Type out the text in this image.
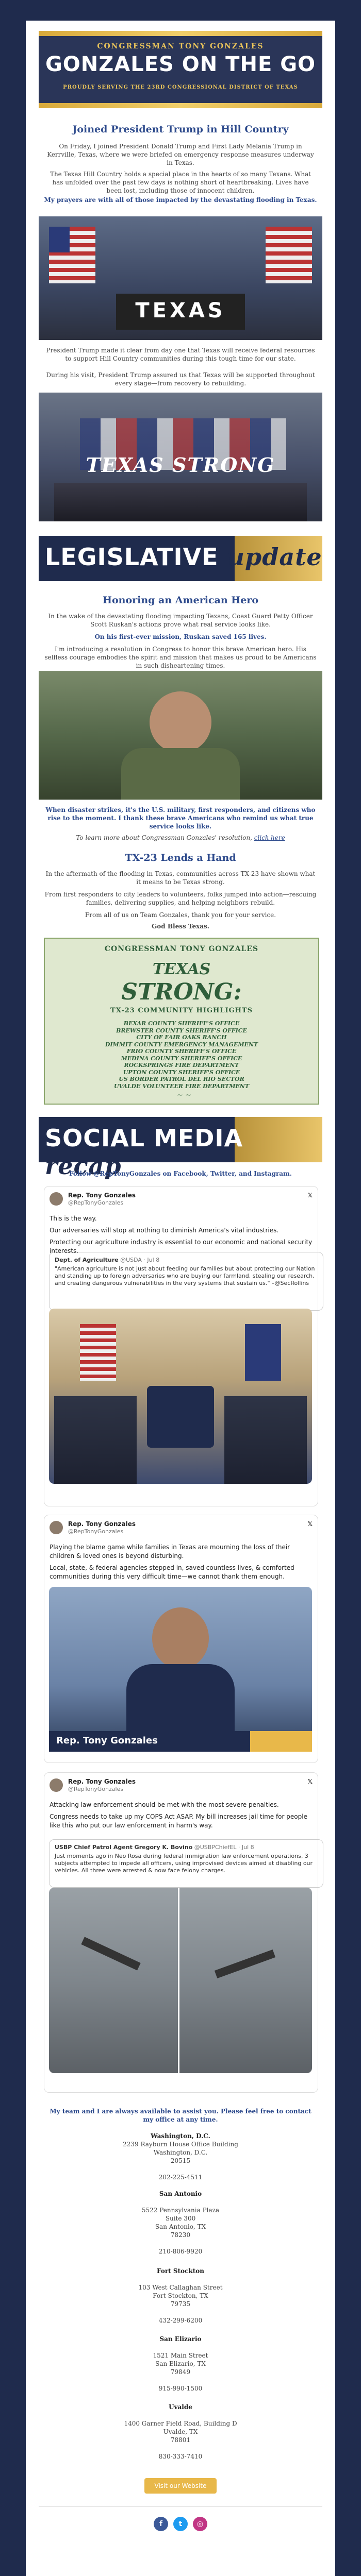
CONGRESSMAN TONY GONZALES
GONZALES ON THE GO
PROUDLY SERVING THE 23RD CONGRESSIONAL DISTRICT OF TEXAS
Joined President Trump in Hill Country
On Friday, I joined President Donald Trump and First Lady Melania Trump in Kerrville, Texas, where we were briefed on emergency response measures underway in Texas.
The Texas Hill Country holds a special place in the hearts of so many Texans. What has unfolded over the past few days is nothing short of heartbreaking. Lives have been lost, including those of innocent children.
My prayers are with all of those impacted by the devastating flooding in Texas.
TEXAS
President Trump made it clear from day one that Texas will receive federal resources to support Hill Country communities during this tough time for our state.
During his visit, President Trump assured us that Texas will be supported throughout every stage—from recovery to rebuilding.
TEXAS STRONG
LEGISLATIVE update
Honoring an American Hero
In the wake of the devastating flooding impacting Texans, Coast Guard Petty Officer Scott Ruskan's actions prove what real service looks like.
On his first-ever mission, Ruskan saved 165 lives.
I'm introducing a resolution in Congress to honor this brave American hero. His selfless courage embodies the spirit and mission that makes us proud to be Americans in such disheartening times.
When disaster strikes, it's the U.S. military, first responders, and citizens who rise to the moment. I thank these brave Americans who remind us what true service looks like.
To learn more about Congressman Gonzales' resolution, click here
TX-23 Lends a Hand
In the aftermath of the flooding in Texas, communities across TX-23 have shown what it means to be Texas strong.
From first responders to city leaders to volunteers, folks jumped into action—rescuing families, delivering supplies, and helping neighbors rebuild.
From all of us on Team Gonzales, thank you for your service.
God Bless Texas.
CONGRESSMAN TONY GONZALES
TEXAS
STRONG:
TX-23 COMMUNITY HIGHLIGHTS
BEXAR COUNTY SHERIFF'S OFFICE
BREWSTER COUNTY SHERIFF'S OFFICE
CITY OF FAIR OAKS RANCH
DIMMIT COUNTY EMERGENCY MANAGEMENT
FRIO COUNTY SHERIFF'S OFFICE
MEDINA COUNTY SHERIFF'S OFFICE
ROCKSPRINGS FIRE DEPARTMENT
UPTON COUNTY SHERIFF'S OFFICE
US BORDER PATROL DEL RIO SECTOR
UVALDE VOLUNTEER FIRE DEPARTMENT
~ ~
SOCIAL MEDIA recap
Follow @RepTonyGonzales on Facebook, Twitter, and Instagram.
Rep. Tony Gonzales
@RepTonyGonzales
𝕏

This is the way.

Our adversaries will stop at nothing to diminish America's vital industries.

Protecting our agriculture industry is essential to our economic and national security interests.

Dept. of Agriculture @USDA · Jul 8
"American agriculture is not just about feeding our families but about protecting our Nation and standing up to foreign adversaries who are buying our farmland, stealing our research, and creating dangerous vulnerabilities in the very systems that sustain us." –@SecRollins
Rep. Tony Gonzales
@RepTonyGonzales
𝕏

Playing the blame game while families in Texas are mourning the loss of their children & loved ones is beyond disturbing.

Local, state, & federal agencies stepped in, saved countless lives, & comforted communities during this very difficult time—we cannot thank them enough.

Rep. Tony Gonzales
Rep. Tony Gonzales
@RepTonyGonzales
𝕏

Attacking law enforcement should be met with the most severe penalties.

Congress needs to take up my COPS Act ASAP. My bill increases jail time for people like this who put our law enforcement in harm's way.

USBP Chief Patrol Agent Gregory K. Bovino @USBPChiefEL · Jul 8
Just moments ago in Neo Rosa during federal immigration law enforcement operations, 3 subjects attempted to impede all officers, using improvised devices aimed at disabling our vehicles. All three were arrested & now face felony charges.
My team and I are always available to assist you. Please feel free to contact my office at any time.
Washington, D.C.
2239 Rayburn House Office Building
Washington, D.C.
20515

202-225-4511
San Antonio

5522 Pennsylvania Plaza
Suite 300
San Antonio, TX
78230

210-806-9920
Fort Stockton

103 West Callaghan Street
Fort Stockton, TX
79735

432-299-6200
San Elizario

1521 Main Street
San Elizario, TX
79849

915-990-1500
Uvalde

1400 Garner Field Road, Building D
Uvalde, TX
78801

830-333-7410
Visit our Website
f	t	◎
